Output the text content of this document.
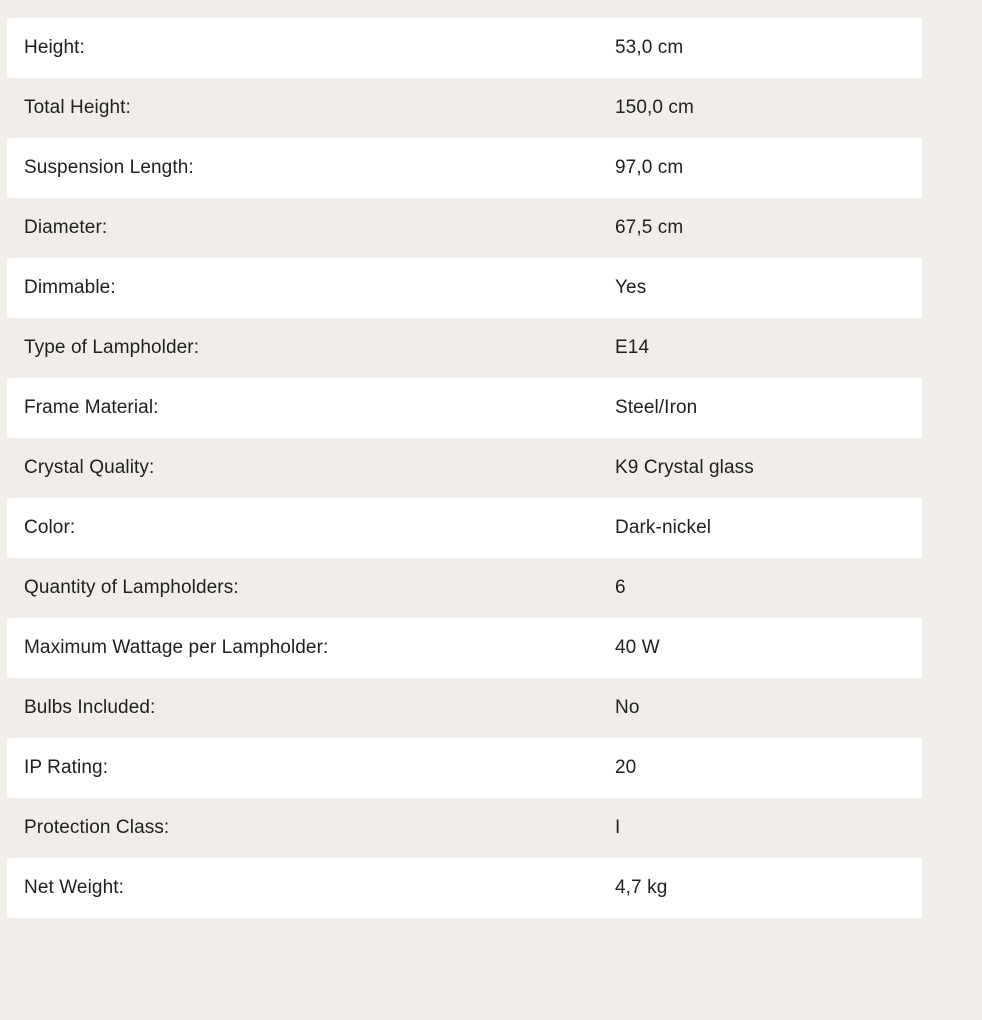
Height:	53,0 cm
Total Height:	150,0 cm
Suspension Length:	97,0 cm
Diameter:	67,5 cm
Dimmable:	Yes
Type of Lampholder:	E14
Frame Material:	Steel/Iron
Crystal Quality:	K9 Crystal glass
Color:	Dark-nickel
Quantity of Lampholders:	6
Maximum Wattage per Lampholder:	40 W
Bulbs Included:	No
IP Rating:	20
Protection Class:	I
Net Weight:	4,7 kg
